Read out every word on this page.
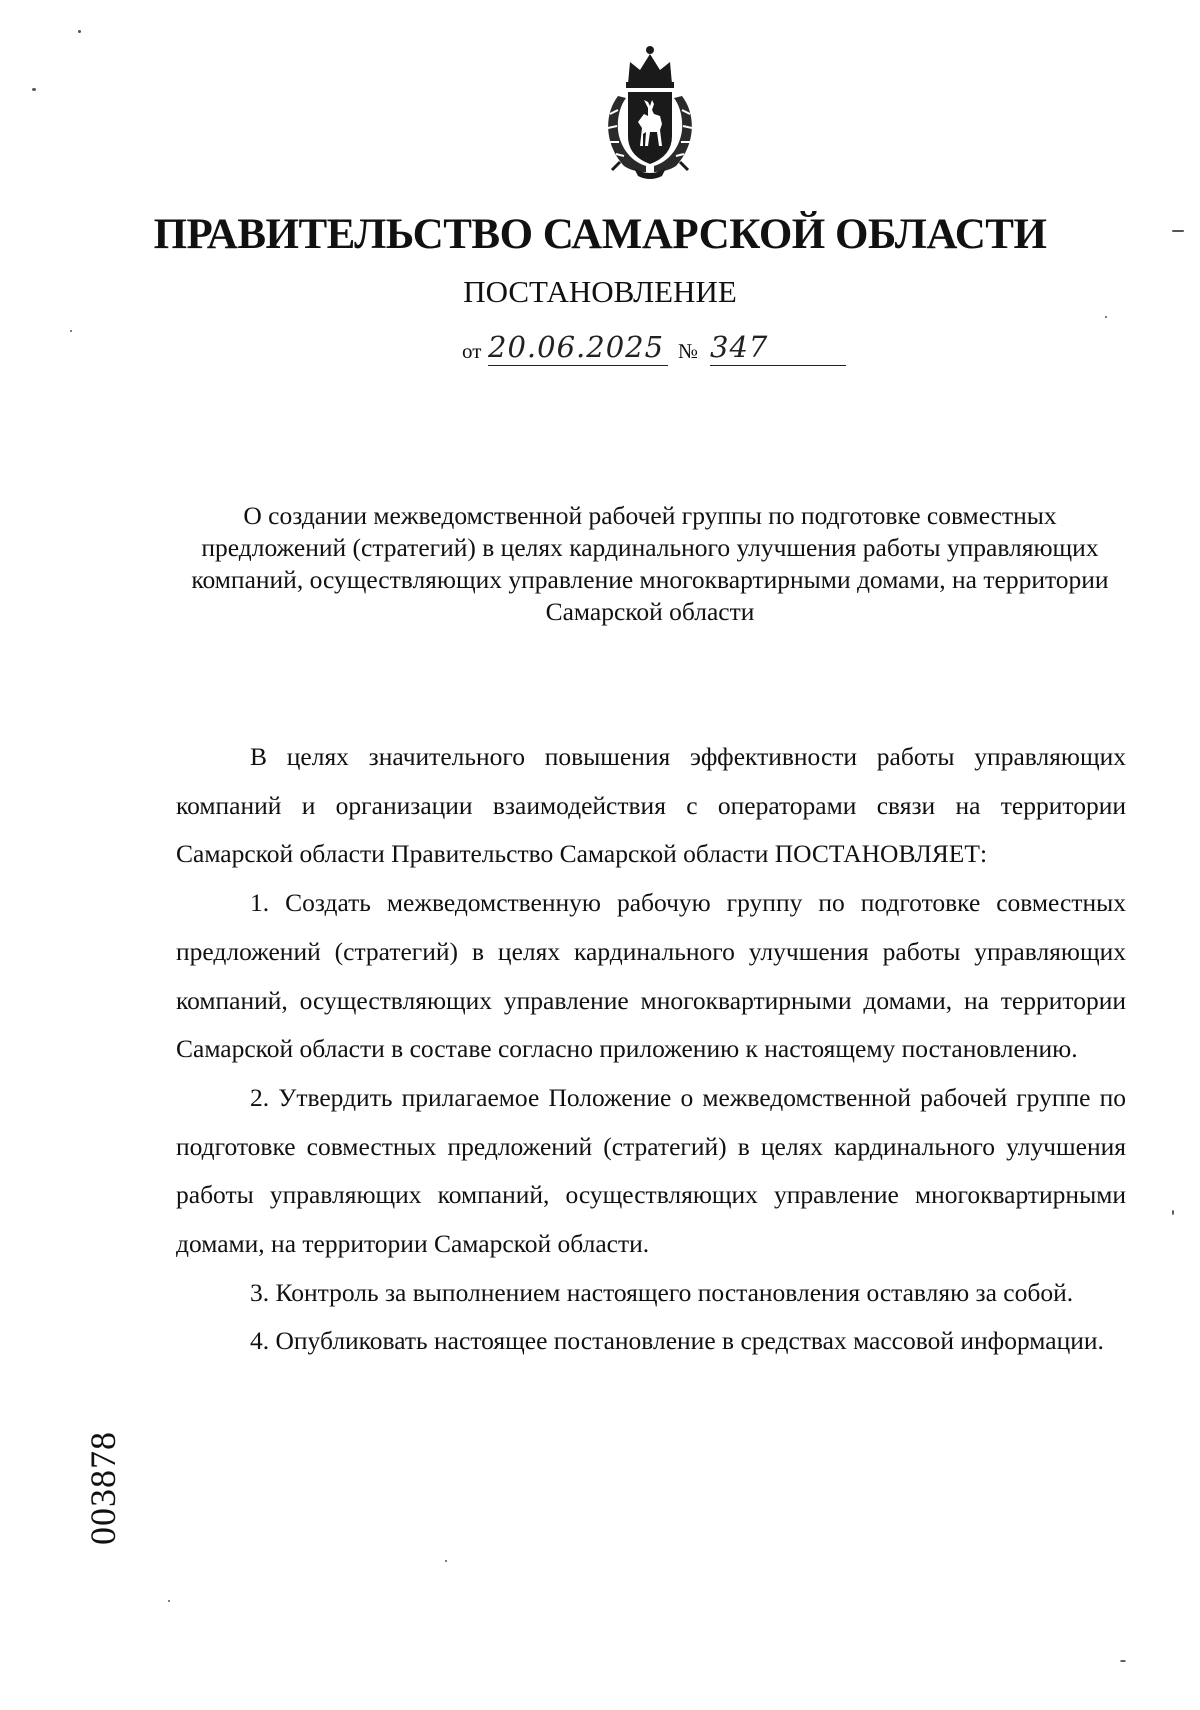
ПРАВИТЕЛЬСТВО САМАРСКОЙ ОБЛАСТИ
ПОСТАНОВЛЕНИЕ
от 20.06.2025 № 347
О создании межведомственной рабочей группы по подготовке совместных предложений (стратегий) в целях кардинального улучшения работы управляющих компаний, осуществляющих управление многоквартирными домами, на территории Самарской области

В целях значительного повышения эффективности работы управляющих компаний и организации взаимодействия с операторами связи на территории Самарской области Правительство Самарской области ПОСТАНОВЛЯЕТ:

1. Создать межведомственную рабочую группу по подготовке совместных предложений (стратегий) в целях кардинального улучшения работы управляющих компаний, осуществляющих управление многоквартирными домами, на территории Самарской области в составе согласно приложению к настоящему постановлению.

2. Утвердить прилагаемое Положение о межведомственной рабочей группе по подготовке совместных предложений (стратегий) в целях кардинального улучшения работы управляющих компаний, осуществляющих управление многоквартирными домами, на территории Самарской области.

3. Контроль за выполнением настоящего постановления оставляю за собой.

4. Опубликовать настоящее постановление в средствах массовой информации.

003878
